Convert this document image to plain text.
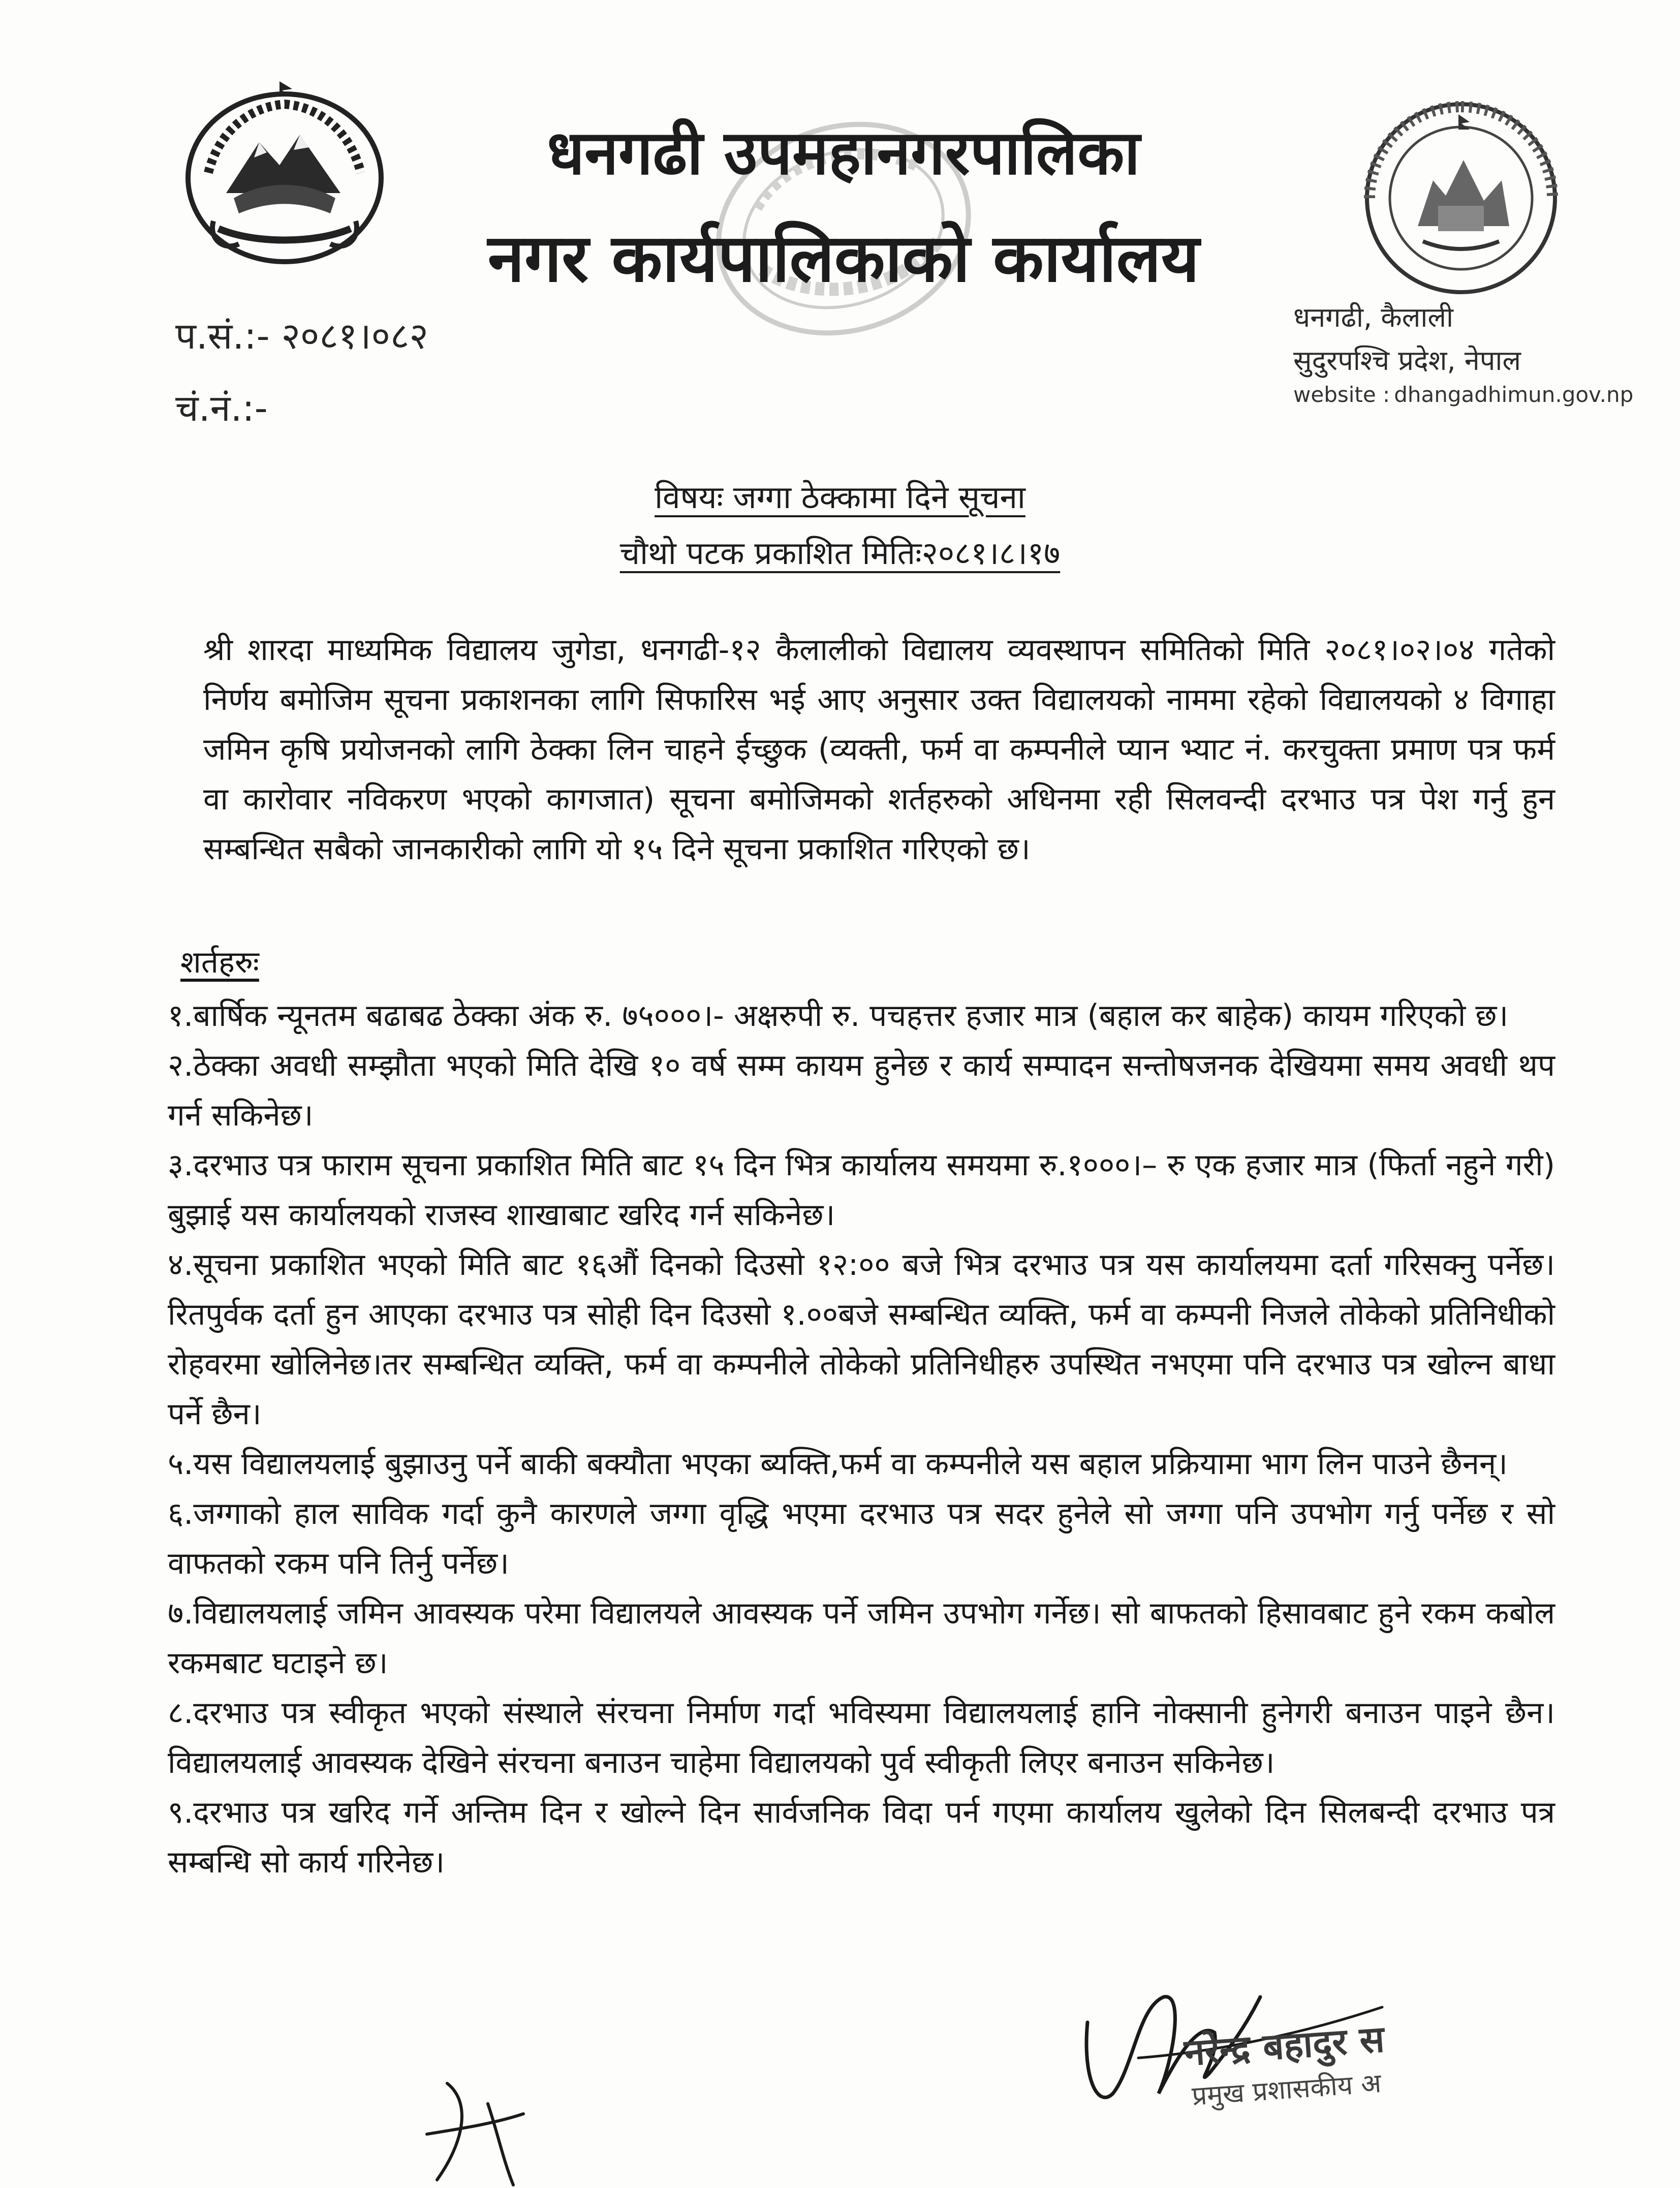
धनगढी उपमहानगरपालिका
नगर कार्यपालिकाको कार्यालय
प.सं.:- २०८१।०८२
चं.नं.:-
धनगढी, कैलाली
सुदुरपश्चि प्रदेश, नेपाल
website : dhangadhimun.gov.np
विषयः जग्गा ठेक्कामा दिने सूचना
चौथो पटक प्रकाशित मितिः२०८१।८।१७
श्री शारदा माध्यमिक विद्यालय जुगेडा, धनगढी-१२ कैलालीको विद्यालय व्यवस्थापन समितिको मिति २०८१।०२।०४ गतेको निर्णय बमोजिम सूचना प्रकाशनका लागि सिफारिस भई आए अनुसार उक्त विद्यालयको नाममा रहेको विद्यालयको ४ विगाहा जमिन कृषि प्रयोजनको लागि ठेक्का लिन चाहने ईच्छुक (व्यक्ती, फर्म वा कम्पनीले प्यान भ्याट नं. करचुक्ता प्रमाण पत्र फर्म वा कारोवार नविकरण भएको कागजात) सूचना बमोजिमको शर्तहरुको अधिनमा रही सिलवन्दी दरभाउ पत्र पेश गर्नु हुन सम्बन्धित सबैको जानकारीको लागि यो १५ दिने सूचना प्रकाशित गरिएको छ।
शर्तहरुः
१.बार्षिक न्यूनतम बढाबढ ठेक्का अंक रु. ७५०००।- अक्षरुपी रु. पचहत्तर हजार मात्र (बहाल कर बाहेक) कायम गरिएको छ।
२.ठेक्का अवधी सम्झौता भएको मिति देखि १० वर्ष सम्म कायम हुनेछ र कार्य सम्पादन सन्तोषजनक देखियमा समय अवधी थप गर्न सकिनेछ।
३.दरभाउ पत्र फाराम सूचना प्रकाशित मिति बाट १५ दिन भित्र कार्यालय समयमा रु.१०००।– रु एक हजार मात्र (फिर्ता नहुने गरी) बुझाई यस कार्यालयको राजस्व शाखाबाट खरिद गर्न सकिनेछ।
४.सूचना प्रकाशित भएको मिति बाट १६औं दिनको दिउसो १२:०० बजे भित्र दरभाउ पत्र यस कार्यालयमा दर्ता गरिसक्नु पर्नेछ।रितपुर्वक दर्ता हुन आएका दरभाउ पत्र सोही दिन दिउसो १.००बजे सम्बन्धित व्यक्ति, फर्म वा कम्पनी निजले तोकेको प्रतिनिधीको रोहवरमा खोलिनेछ।तर सम्बन्धित व्यक्ति, फर्म वा कम्पनीले तोकेको प्रतिनिधीहरु उपस्थित नभएमा पनि दरभाउ पत्र खोल्न बाधा पर्ने छैन।
५.यस विद्यालयलाई बुझाउनु पर्ने बाकी बक्यौता भएका ब्यक्ति,फर्म वा कम्पनीले यस बहाल प्रक्रियामा भाग लिन पाउने छैनन्।
६.जग्गाको हाल साविक गर्दा कुनै कारणले जग्गा वृद्धि भएमा दरभाउ पत्र सदर हुनेले सो जग्गा पनि उपभोग गर्नु पर्नेछ र सो वाफतको रकम पनि तिर्नु पर्नेछ।
७.विद्यालयलाई जमिन आवस्यक परेमा विद्यालयले आवस्यक पर्ने जमिन उपभोग गर्नेछ। सो बाफतको हिसावबाट हुने रकम कबोल रकमबाट घटाइने छ।
८.दरभाउ पत्र स्वीकृत भएको संस्थाले संरचना निर्माण गर्दा भविस्यमा विद्यालयलाई हानि नोक्सानी हुनेगरी बनाउन पाइने छैन। विद्यालयलाई आवस्यक देखिने संरचना बनाउन चाहेमा विद्यालयको पुर्व स्वीकृती लिएर बनाउन सकिनेछ।
९.दरभाउ पत्र खरिद गर्ने अन्तिम दिन र खोल्ने दिन सार्वजनिक विदा पर्न गएमा कार्यालय खुलेको दिन सिलबन्दी दरभाउ पत्र सम्बन्धि सो कार्य गरिनेछ।
नरेन्द्र बहादुर स
प्रमुख प्रशासकीय अ
